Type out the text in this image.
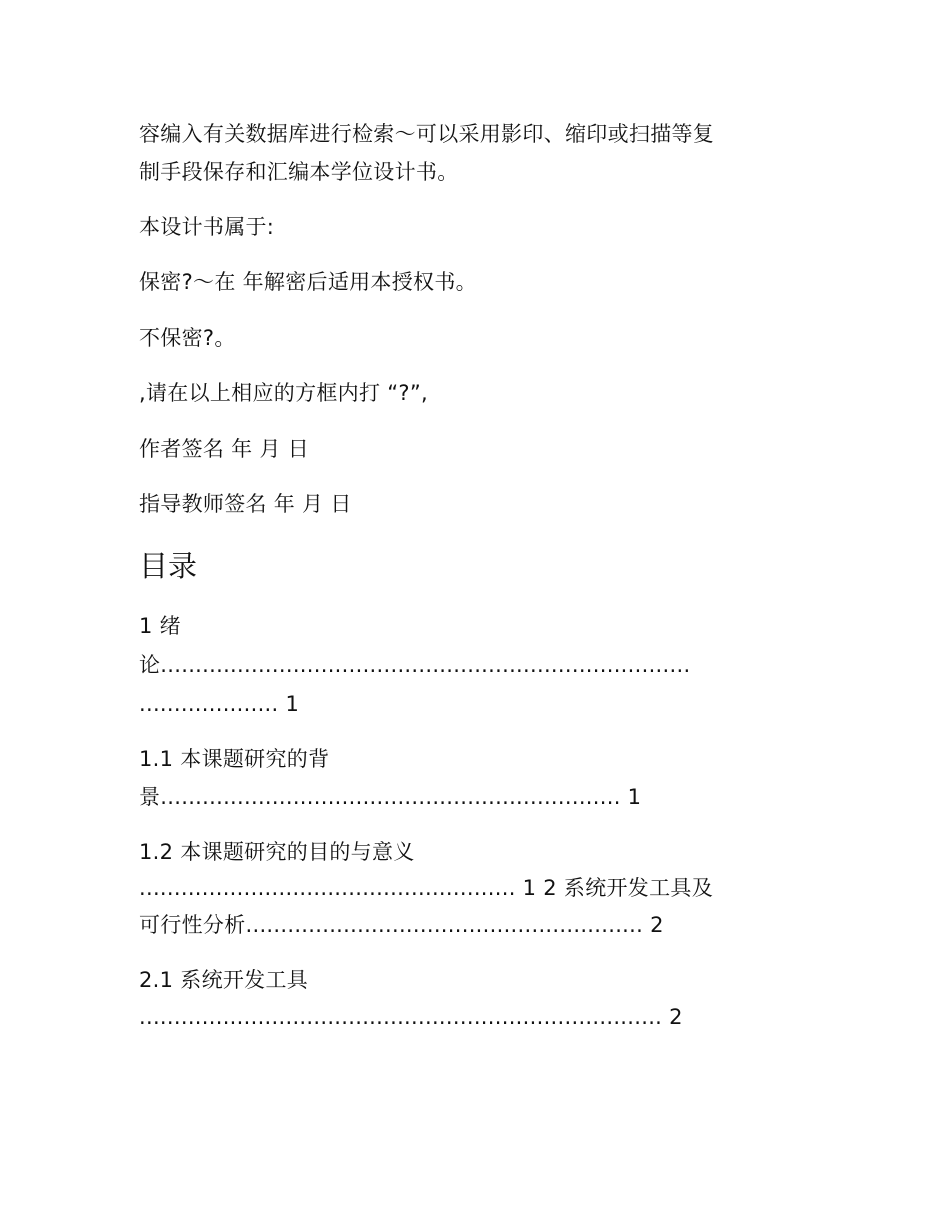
容编入有关数据库进行检索～可以采用影印、缩印或扫描等复
制手段保存和汇编本学位设计书。
本设计书属于:
保密?～在 年解密后适用本授权书。
不保密?。
,请在以上相应的方框内打 “?”,
作者签名 年 月 日
指导教师签名 年 月 日
目录
1 绪
论............................................................................
.................... 1
1.1 本课题研究的背
景.................................................................. 1
1.2 本课题研究的目的与意义
...................................................... 1 2 系统开发工具及
可行性分析......................................................... 2
2.1 系统开发工具
........................................................................... 2
